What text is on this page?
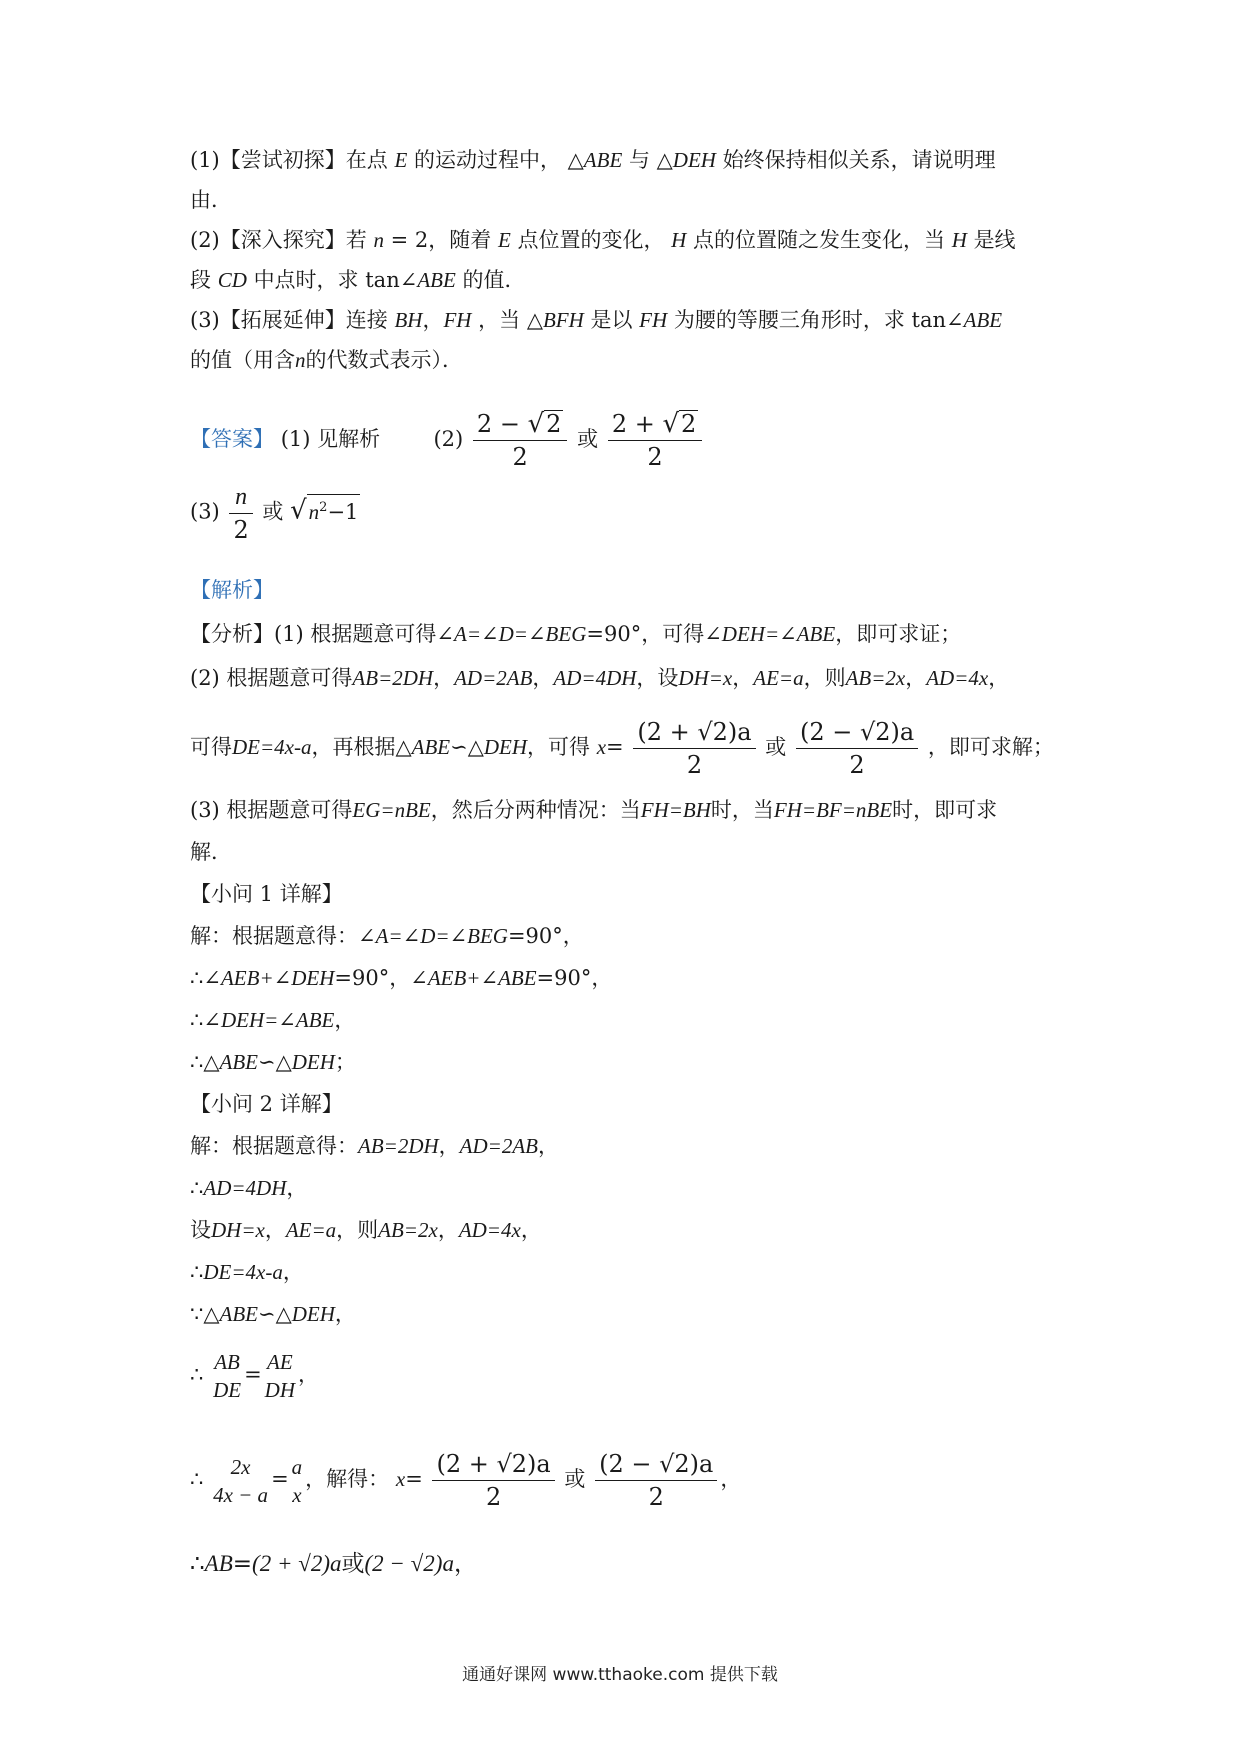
(1)【尝试初探】在点 E 的运动过程中， △ABE 与 △DEH 始终保持相似关系，请说明理
由．
(2)【深入探究】若 n = 2，随着 E 点位置的变化， H 点的位置随之发生变化，当 H 是线
段 CD 中点时，求 tan∠ABE 的值．
(3)【拓展延伸】连接 BH，FH ，当 △BFH 是以 FH 为腰的等腰三角形时，求 tan∠ABE
的值（用含n的代数式表示）．
【答案】 (1) 见解析	$(2) \frac{2 - √2}{2}$ 或 $\frac{2 + √2}{2}$
$(3) \frac{n}{2}$ 或 $√n^2-1$
【解析】
【分析】(1) 根据题意可得∠A=∠D=∠BEG=90°，可得∠DEH=∠ABE，即可求证；
(2) 根据题意可得AB=2DH，AD=2AB，AD=4DH，设DH=x，AE=a，则AB=2x，AD=4x，
可得DE=4x-a，再根据△ABE∽△DEH，可得 $x= \frac{(2 + √2)a}{2}$ 或 $\frac{(2 - √2)a}{2}$ ，即可求解；
(3) 根据题意可得EG=nBE，然后分两种情况：当FH=BH时，当FH=BF=nBE时，即可求
解．
【小问 1 详解】
解：根据题意得：∠A=∠D=∠BEG=90°，
∴∠AEB+∠DEH=90°，∠AEB+∠ABE=90°，
∴∠DEH=∠ABE，
∴△ABE∽△DEH；
【小问 2 详解】
解：根据题意得：AB=2DH，AD=2AB，
∴AD=4DH，
设DH=x，AE=a，则AB=2x，AD=4x，
∴DE=4x-a，
∵△ABE∽△DEH，
∴
AB
DE
=
AE
DH
，
∴
2x
4x − a
=
a
x
，解得： $x= \frac{(2 + √2)a}{2}$ 或 $\frac{(2 - √2)a}{2}$ ，
∴AB=(2 + √2)a或(2 − √2)a，
通通好课网 www.tthaoke.com 提供下载
